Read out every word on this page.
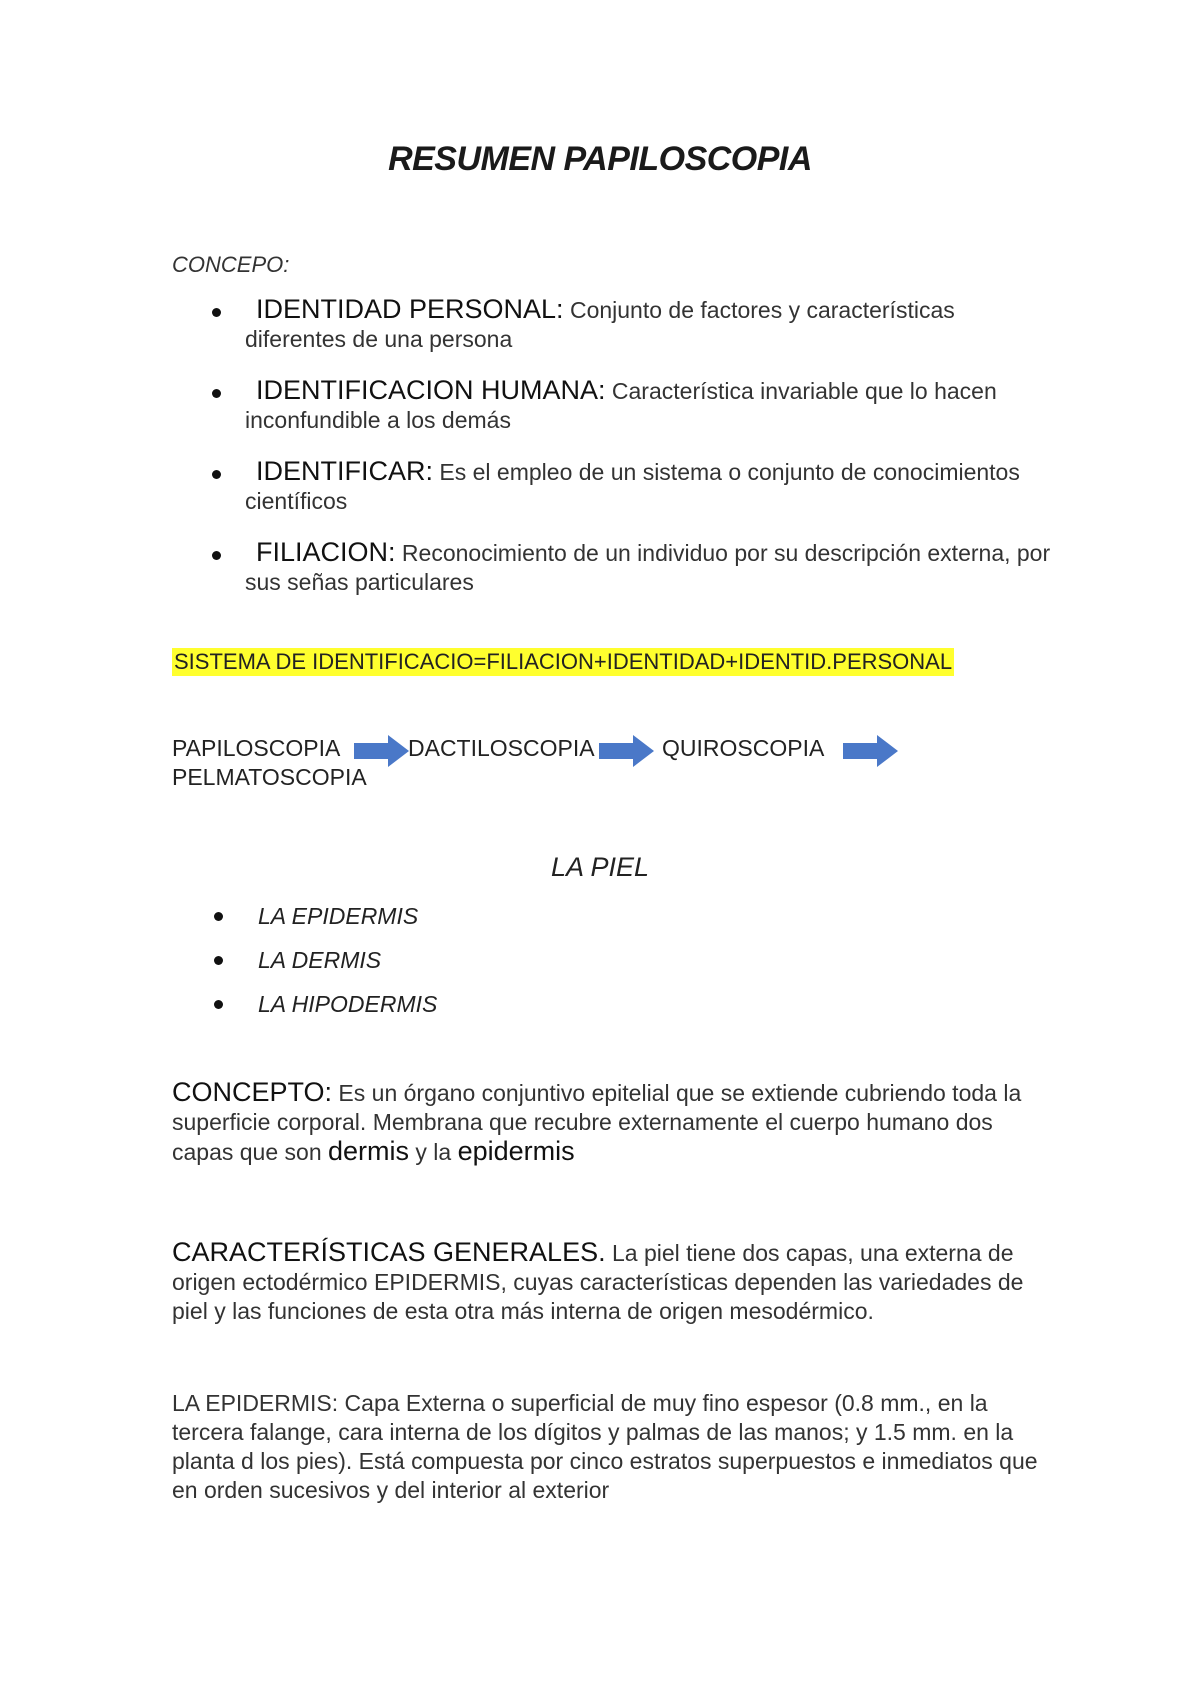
RESUMEN PAPILOSCOPIA
CONCEPO:
IDENTIDAD PERSONAL: Conjunto de factores y características diferentes de una persona
IDENTIFICACION HUMANA: Característica invariable que lo hacen inconfundible a los demás
IDENTIFICAR: Es el empleo de un sistema o conjunto de conocimientos científicos
FILIACION: Reconocimiento de un individuo por su descripción externa, por sus señas particulares
SISTEMA DE IDENTIFICACIO=FILIACION+IDENTIDAD+IDENTID.PERSONAL
PAPILOSCOPIA	DACTILOSCOPIA	QUIROSCOPIA
PELMATOSCOPIA
LA PIEL
LA EPIDERMIS
LA DERMIS
LA HIPODERMIS

CONCEPTO: Es un órgano conjuntivo epitelial que se extiende cubriendo toda la superficie corporal. Membrana que recubre externamente el cuerpo humano dos capas que son dermis y la epidermis

CARACTERÍSTICAS GENERALES. La piel tiene dos capas, una externa de origen ectodérmico EPIDERMIS, cuyas características dependen las variedades de piel y las funciones de esta otra más interna de origen mesodérmico.

LA EPIDERMIS: Capa Externa o superficial de muy fino espesor (0.8 mm., en la tercera falange, cara interna de los dígitos y palmas de las manos; y 1.5 mm. en la planta d los pies). Está compuesta por cinco estratos superpuestos e inmediatos que en orden sucesivos y del interior al exterior
